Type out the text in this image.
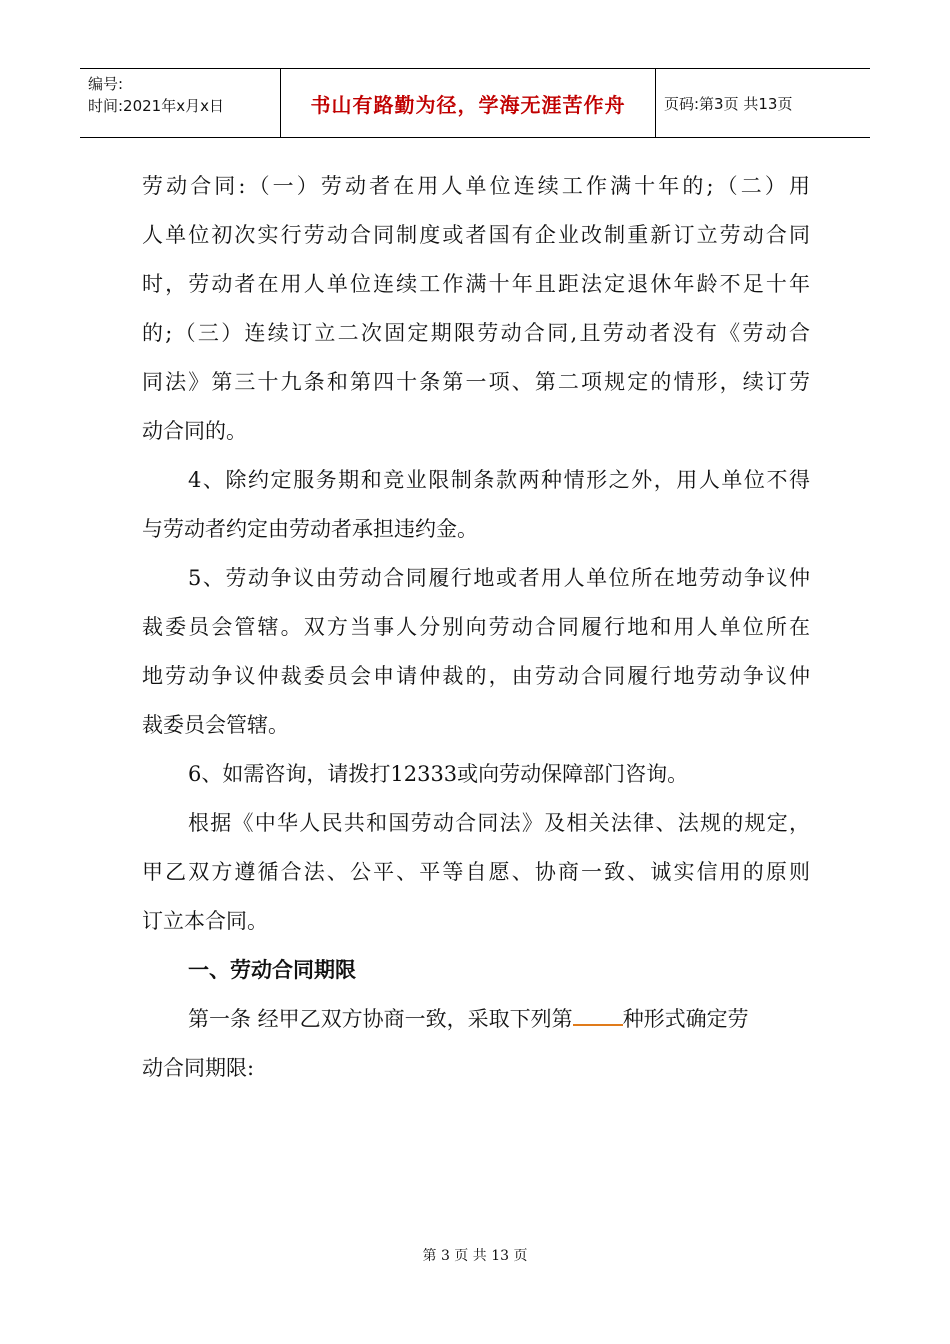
编号:
时间:2021年x月x日	书山有路勤为径，学海无涯苦作舟	页码:第3页 共13页
劳动合同:（一）劳动者在用人单位连续工作满十年的;（二）用
人单位初次实行劳动合同制度或者国有企业改制重新订立劳动合同
时，劳动者在用人单位连续工作满十年且距法定退休年龄不足十年
的;（三）连续订立二次固定期限劳动合同,且劳动者没有《劳动合
同法》第三十九条和第四十条第一项、第二项规定的情形，续订劳
动合同的。
4、除约定服务期和竞业限制条款两种情形之外，用人单位不得
与劳动者约定由劳动者承担违约金。
5、劳动争议由劳动合同履行地或者用人单位所在地劳动争议仲
裁委员会管辖。双方当事人分别向劳动合同履行地和用人单位所在
地劳动争议仲裁委员会申请仲裁的，由劳动合同履行地劳动争议仲
裁委员会管辖。
6、如需咨询，请拨打12333或向劳动保障部门咨询。
根据《中华人民共和国劳动合同法》及相关法律、法规的规定，
甲乙双方遵循合法、公平、平等自愿、协商一致、诚实信用的原则
订立本合同。
一、劳动合同期限
第一条 经甲乙双方协商一致，采取下列第 种形式确定劳
动合同期限:
第 3 页 共 13 页
